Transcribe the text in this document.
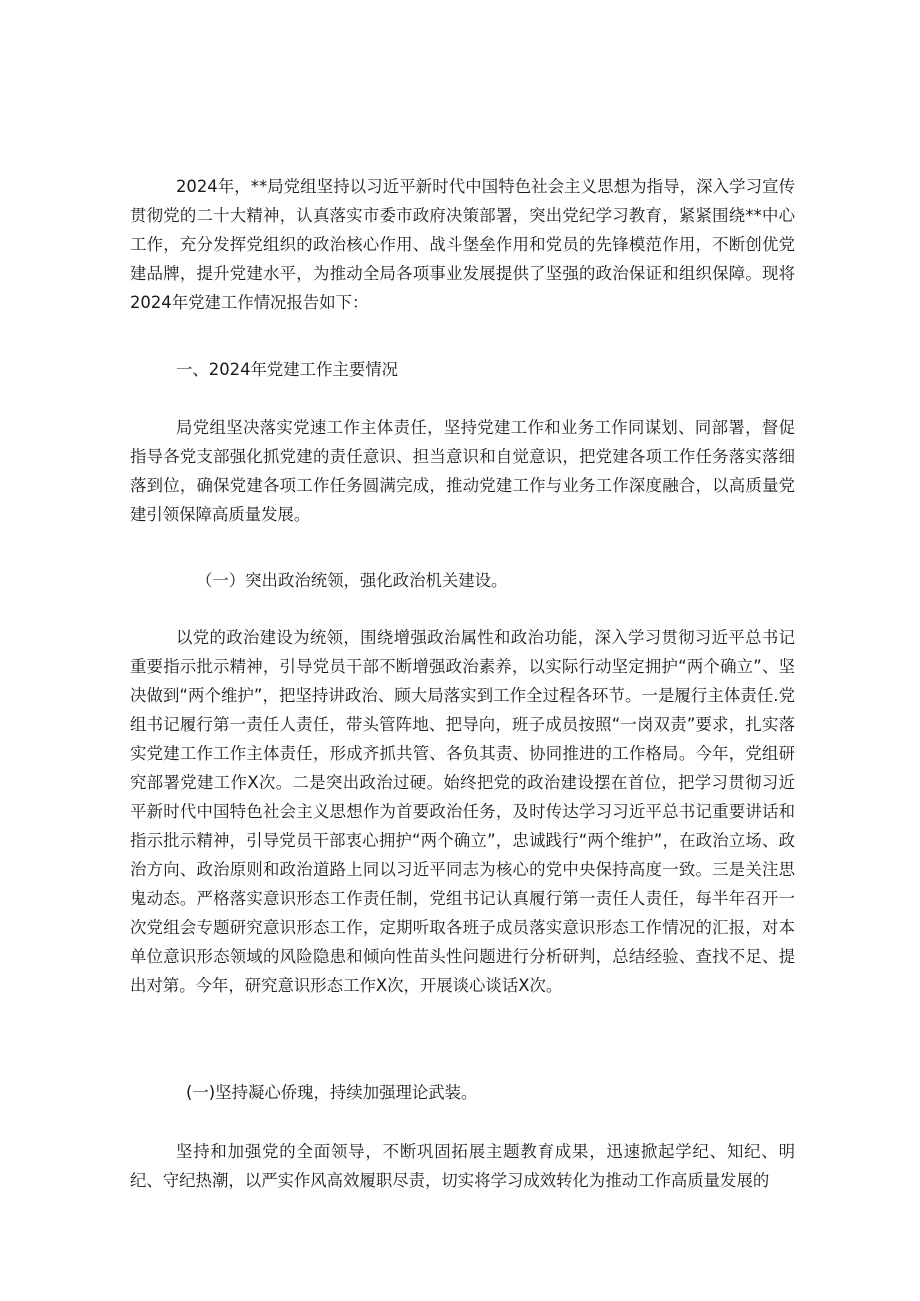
2024年，**局党组坚持以习近平新时代中国特色社会主义思想为指导，深入学习宣传贯彻党的二十大精神，认真落实市委市政府决策部署，突出党纪学习教育，紧紧围绕**中心工作，充分发挥党组织的政治核心作用、战斗堡垒作用和党员的先锋模范作用，不断创优党建品牌，提升党建水平，为推动全局各项事业发展提供了坚强的政治保证和组织保障。现将2024年党建工作情况报告如下：

一、2024年党建工作主要情况

局党组坚决落实党速工作主体责任，坚持党建工作和业务工作同谋划、同部署，督促指导各党支部强化抓党建的责任意识、担当意识和自觉意识，把党建各项工作任务落实落细落到位，确保党建各项工作任务圆满完成，推动党建工作与业务工作深度融合，以高质量党建引领保障高质量发展。

（一）突出政治统领，强化政治机关建设。

以党的政治建设为统领，围绕增强政治属性和政治功能，深入学习贯彻习近平总书记重要指示批示精神，引导党员干部不断增强政治素养，以实际行动坚定拥护“两个确立”、坚决做到“两个维护”，把坚持讲政治、顾大局落实到工作全过程各环节。一是履行主体责任.党组书记履行第一责任人责任，带头管阵地、把导向，班子成员按照“一岗双责”要求，扎实落实党建工作工作主体责任，形成齐抓共管、各负其责、协同推进的工作格局。今年，党组研究部署党建工作X次。二是突出政治过硬。始终把党的政治建设摆在首位，把学习贯彻习近平新时代中国特色社会主义思想作为首要政治任务，及时传达学习习近平总书记重要讲话和指示批示精神，引导党员干部衷心拥护“两个确立”，忠诚践行“两个维护”，在政治立场、政治方向、政治原则和政治道路上同以习近平同志为核心的党中央保持高度一致。三是关注思鬼动态。严格落实意识形态工作责任制，党组书记认真履行第一责任人责任，每半年召开一次党组会专题研究意识形态工作，定期听取各班子成员落实意识形态工作情况的汇报，对本单位意识形态领域的风险隐患和倾向性苗头性问题进行分析研判，总结经验、查找不足、提出对第。今年，研究意识形态工作X次，开展谈心谈话X次。

(一)坚持凝心侨瑰，持续加强理论武装。

坚持和加强党的全面领导，不断巩固拓展主题教育成果，迅速掀起学纪、知纪、明纪、守纪热潮，以严实作风高效履职尽责，切实将学习成效转化为推动工作高质量发展的
